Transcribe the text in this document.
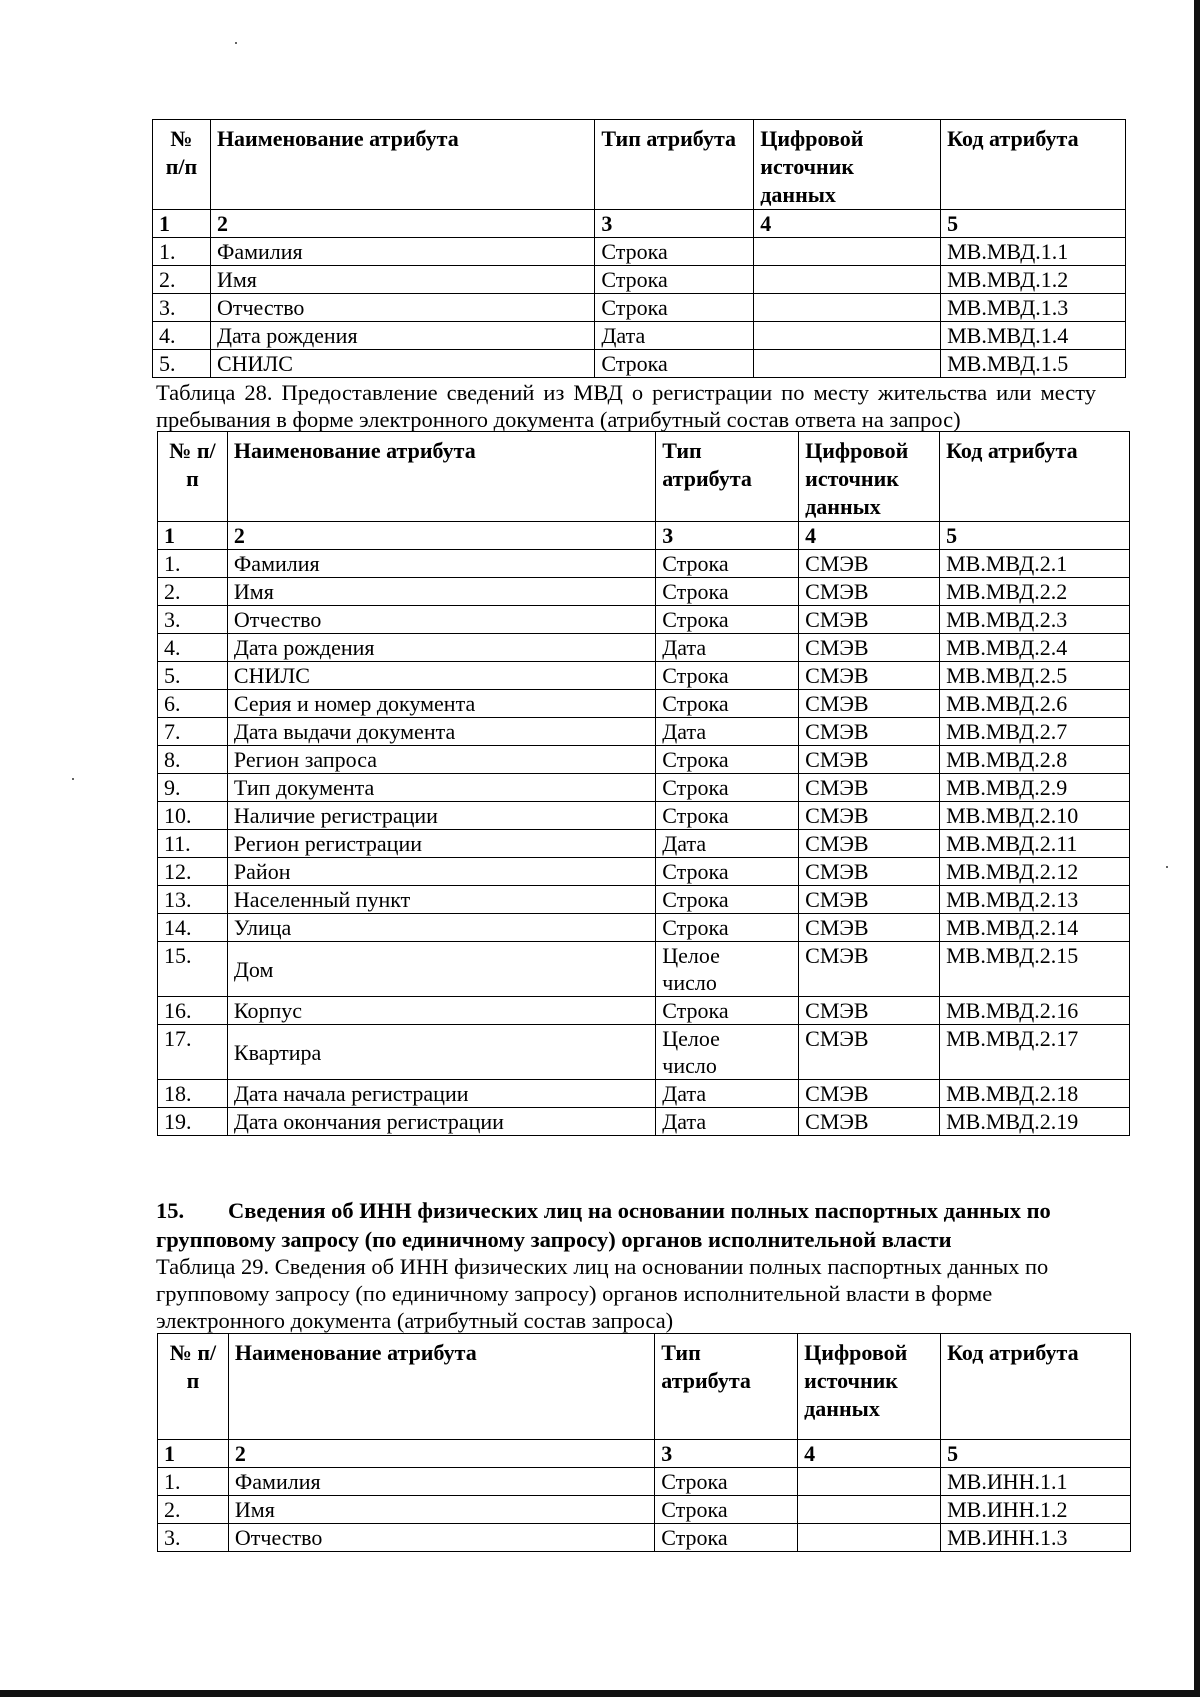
№ п/п	Наименование атрибута	Тип атрибута	Цифровой источник данных	Код атрибута
1	2	3	4	5
1.	Фамилия	Строка		МВ.МВД.1.1
2.	Имя	Строка		МВ.МВД.1.2
3.	Отчество	Строка		МВ.МВД.1.3
4.	Дата рождения	Дата		МВ.МВД.1.4
5.	СНИЛС	Строка		МВ.МВД.1.5
Таблица 28. Предоставление сведений из МВД о регистрации по месту жительства или месту пребывания в форме электронного документа (атрибутный состав ответа на запрос)
№ п/п	Наименование атрибута	Тип атрибута	Цифровой источник данных	Код атрибута
1	2	3	4	5
1.	Фамилия	Строка	СМЭВ	МВ.МВД.2.1
2.	Имя	Строка	СМЭВ	МВ.МВД.2.2
3.	Отчество	Строка	СМЭВ	МВ.МВД.2.3
4.	Дата рождения	Дата	СМЭВ	МВ.МВД.2.4
5.	СНИЛС	Строка	СМЭВ	МВ.МВД.2.5
6.	Серия и номер документа	Строка	СМЭВ	МВ.МВД.2.6
7.	Дата выдачи документа	Дата	СМЭВ	МВ.МВД.2.7
8.	Регион запроса	Строка	СМЭВ	МВ.МВД.2.8
9.	Тип документа	Строка	СМЭВ	МВ.МВД.2.9
10.	Наличие регистрации	Строка	СМЭВ	МВ.МВД.2.10
11.	Регион регистрации	Дата	СМЭВ	МВ.МВД.2.11
12.	Район	Строка	СМЭВ	МВ.МВД.2.12
13.	Населенный пункт	Строка	СМЭВ	МВ.МВД.2.13
14.	Улица	Строка	СМЭВ	МВ.МВД.2.14
15.	Дом	Целое число	СМЭВ	МВ.МВД.2.15
16.	Корпус	Строка	СМЭВ	МВ.МВД.2.16
17.	Квартира	Целое число	СМЭВ	МВ.МВД.2.17
18.	Дата начала регистрации	Дата	СМЭВ	МВ.МВД.2.18
19.	Дата окончания регистрации	Дата	СМЭВ	МВ.МВД.2.19
15. Сведения об ИНН физических лиц на основании полных паспортных данных по групповому запросу (по единичному запросу) органов исполнительной власти
Таблица 29. Сведения об ИНН физических лиц на основании полных паспортных данных по групповому запросу (по единичному запросу) органов исполнительной власти в форме электронного документа (атрибутный состав запроса)
№ п/п	Наименование атрибута	Тип атрибута	Цифровой источник данных	Код атрибута
1	2	3	4	5
1.	Фамилия	Строка		МВ.ИНН.1.1
2.	Имя	Строка		МВ.ИНН.1.2
3.	Отчество	Строка		МВ.ИНН.1.3
